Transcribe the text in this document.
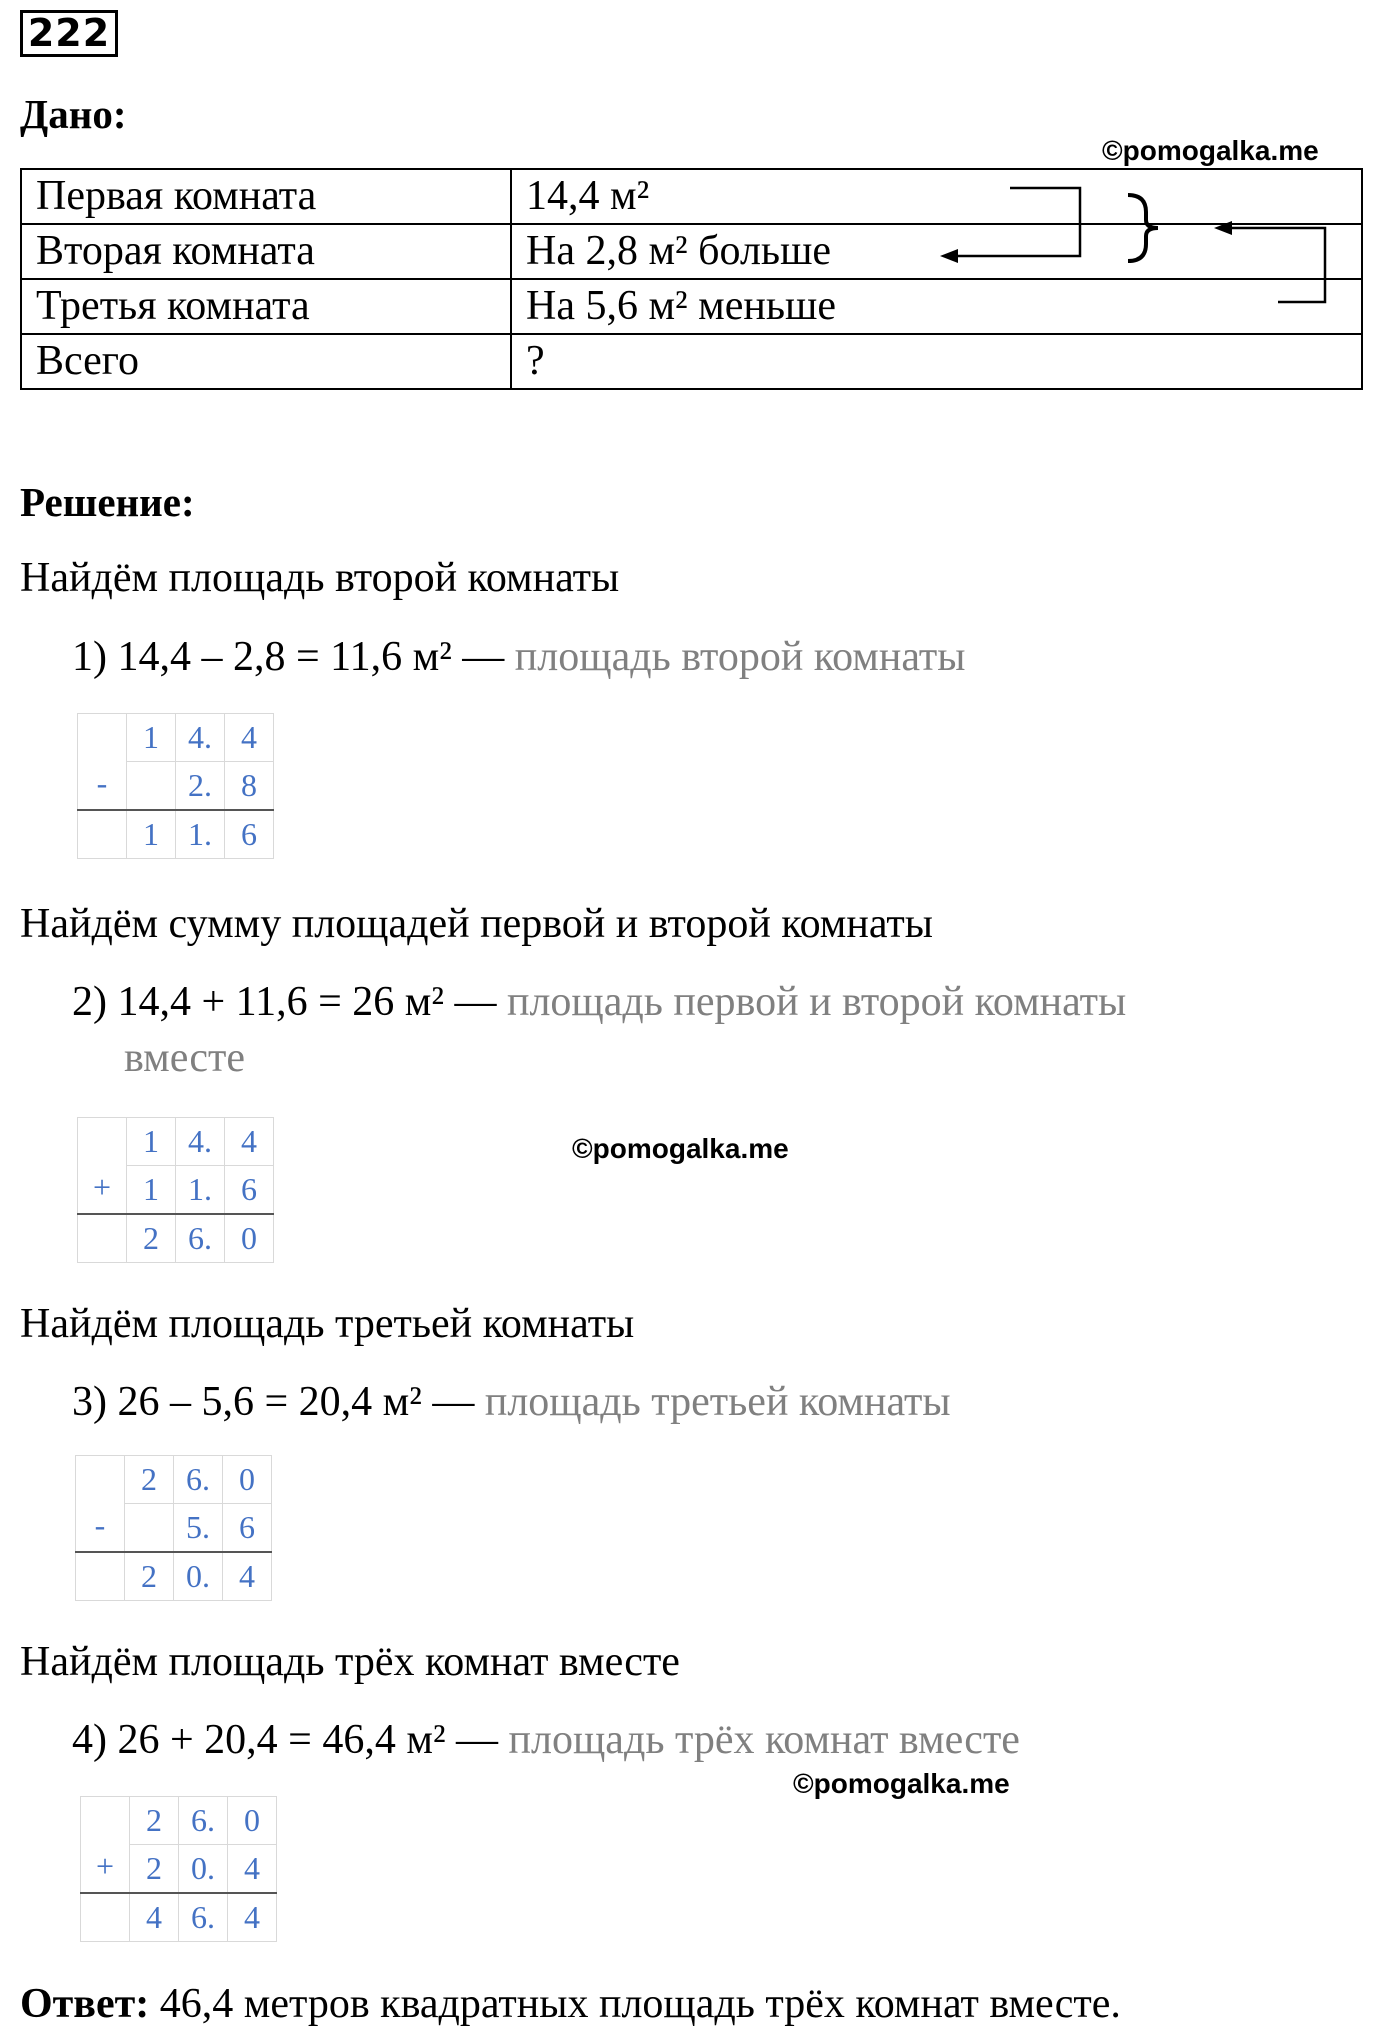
222
Дано:
©pomogalka.me
Первая комната	14,4 м²
Вторая комната	На 2,8 м² больше
Третья комната	На 5,6 м² меньше
Всего	?
Решение:
Найдём площадь второй комнаты
1) 14,4 – 2,8 = 11,6 м² — площадь второй комнаты
-	1	4.	4
		2.	8
	1	1.	6
Найдём сумму площадей первой и второй комнаты
2) 14,4 + 11,6 = 26 м² — площадь первой и второй комнаты
вместе
©pomogalka.me
+	1	4.	4
	1	1.	6
	2	6.	0
Найдём площадь третьей комнаты
3) 26 – 5,6 = 20,4 м² — площадь третьей комнаты
-	2	6.	0
		5.	6
	2	0.	4
Найдём площадь трёх комнат вместе
4) 26 + 20,4 = 46,4 м² — площадь трёх комнат вместе
©pomogalka.me
+	2	6.	0
	2	0.	4
	4	6.	4
Ответ: 46,4 метров квадратных площадь трёх комнат вместе.
